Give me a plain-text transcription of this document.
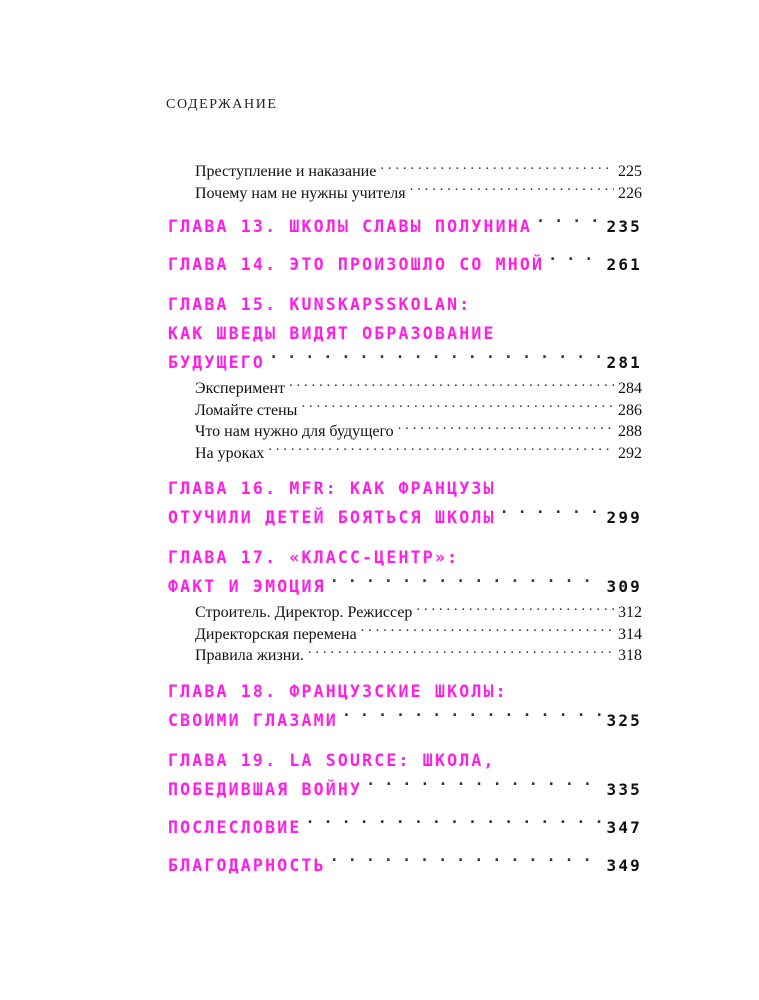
СОДЕРЖАНИЕ
Преступление и наказание . . .	225
Почему нам не нужны учителя . . .	226
ГЛАВА 13. ШКОЛЫ СЛАВЫ ПОЛУНИНА . . .	235
ГЛАВА 14. ЭТО ПРОИЗОШЛО СО МНОЙ . . .	261
ГЛАВА 15. KUNSKAPSSKOLAN:
КАК ШВЕДЫ ВИДЯТ ОБРАЗОВАНИЕ
БУДУЩЕГО . . .	281
Эксперимент . . .	284
Ломайте стены . . .	286
Что нам нужно для будущего . . .	288
На уроках . . .	292
ГЛАВА 16. MFR: КАК ФРАНЦУЗЫ
ОТУЧИЛИ ДЕТЕЙ БОЯТЬСЯ ШКОЛЫ . . .	299
ГЛАВА 17. «КЛАСС-ЦЕНТР»:
ФАКТ И ЭМОЦИЯ . . .	309
Строитель. Директор. Режиссер . . .	312
Директорская перемена . . .	314
Правила жизни. . . .	318
ГЛАВА 18. ФРАНЦУЗСКИЕ ШКОЛЫ:
СВОИМИ ГЛАЗАМИ . . .	325
ГЛАВА 19. LA SOURCE: ШКОЛА,
ПОБЕДИВШАЯ ВОЙНУ . . .	335
ПОСЛЕСЛОВИЕ . . .	347
БЛАГОДАРНОСТЬ . . .	349
